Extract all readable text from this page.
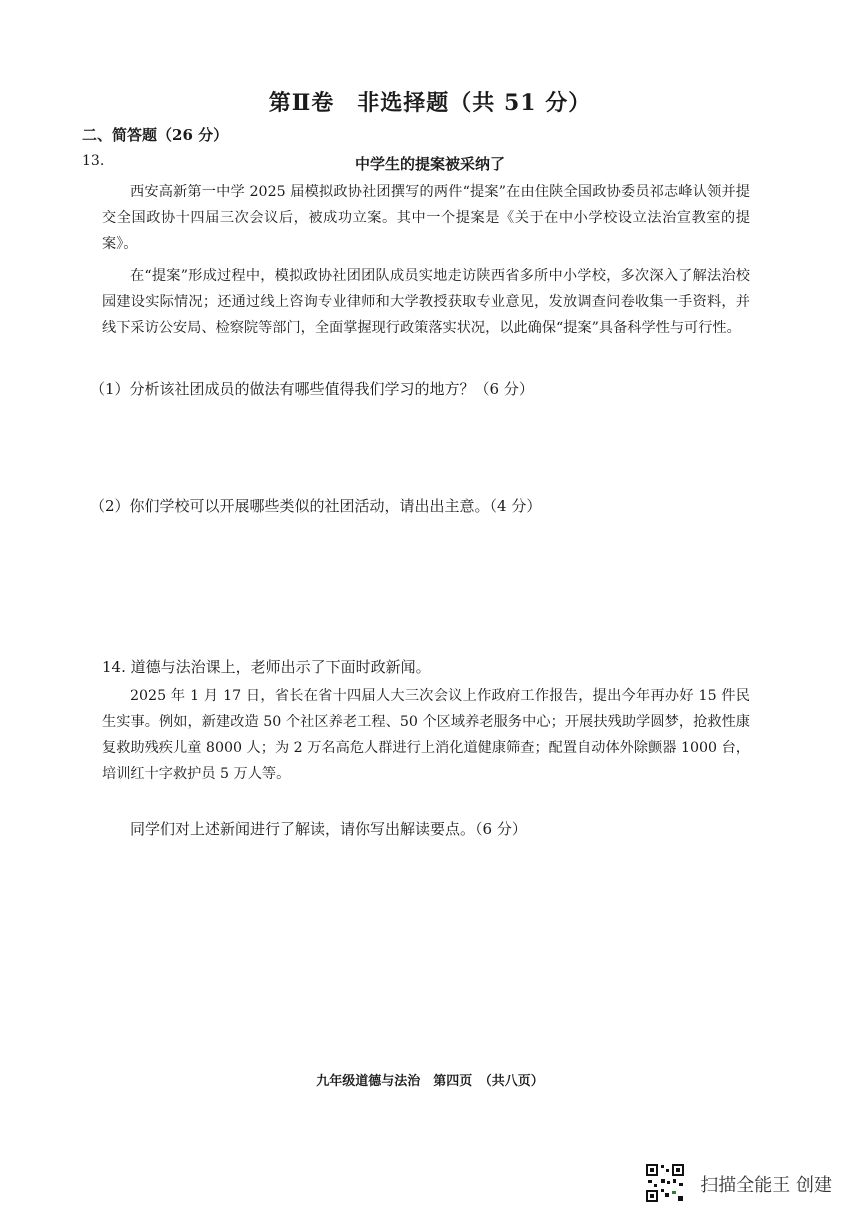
第Ⅱ卷　非选择题（共 51 分）
二、简答题（26 分）
13.	中学生的提案被采纳了

西安高新第一中学 2025 届模拟政协社团撰写的两件“提案”在由住陕全国政协委员祁志峰认领并提交全国政协十四届三次会议后，被成功立案。其中一个提案是《关于在中小学校设立法治宣教室的提案》。

在“提案”形成过程中，模拟政协社团团队成员实地走访陕西省多所中小学校，多次深入了解法治校园建设实际情况；还通过线上咨询专业律师和大学教授获取专业意见，发放调查问卷收集一手资料，并线下采访公安局、检察院等部门，全面掌握现行政策落实状况，以此确保“提案”具备科学性与可行性。

（1）分析该社团成员的做法有哪些值得我们学习的地方？（6 分）
（2）你们学校可以开展哪些类似的社团活动，请出出主意。（4 分）
14. 道德与法治课上，老师出示了下面时政新闻。

2025 年 1 月 17 日，省长在省十四届人大三次会议上作政府工作报告，提出今年再办好 15 件民生实事。例如，新建改造 50 个社区养老工程、50 个区域养老服务中心；开展扶残助学圆梦，抢救性康复救助残疾儿童 8000 人；为 2 万名高危人群进行上消化道健康筛查；配置自动体外除颤器 1000 台，培训红十字救护员 5 万人等。

同学们对上述新闻进行了解读，请你写出解读要点。（6 分）
九年级道德与法治　第四页　（共八页）
扫描全能王 创建
